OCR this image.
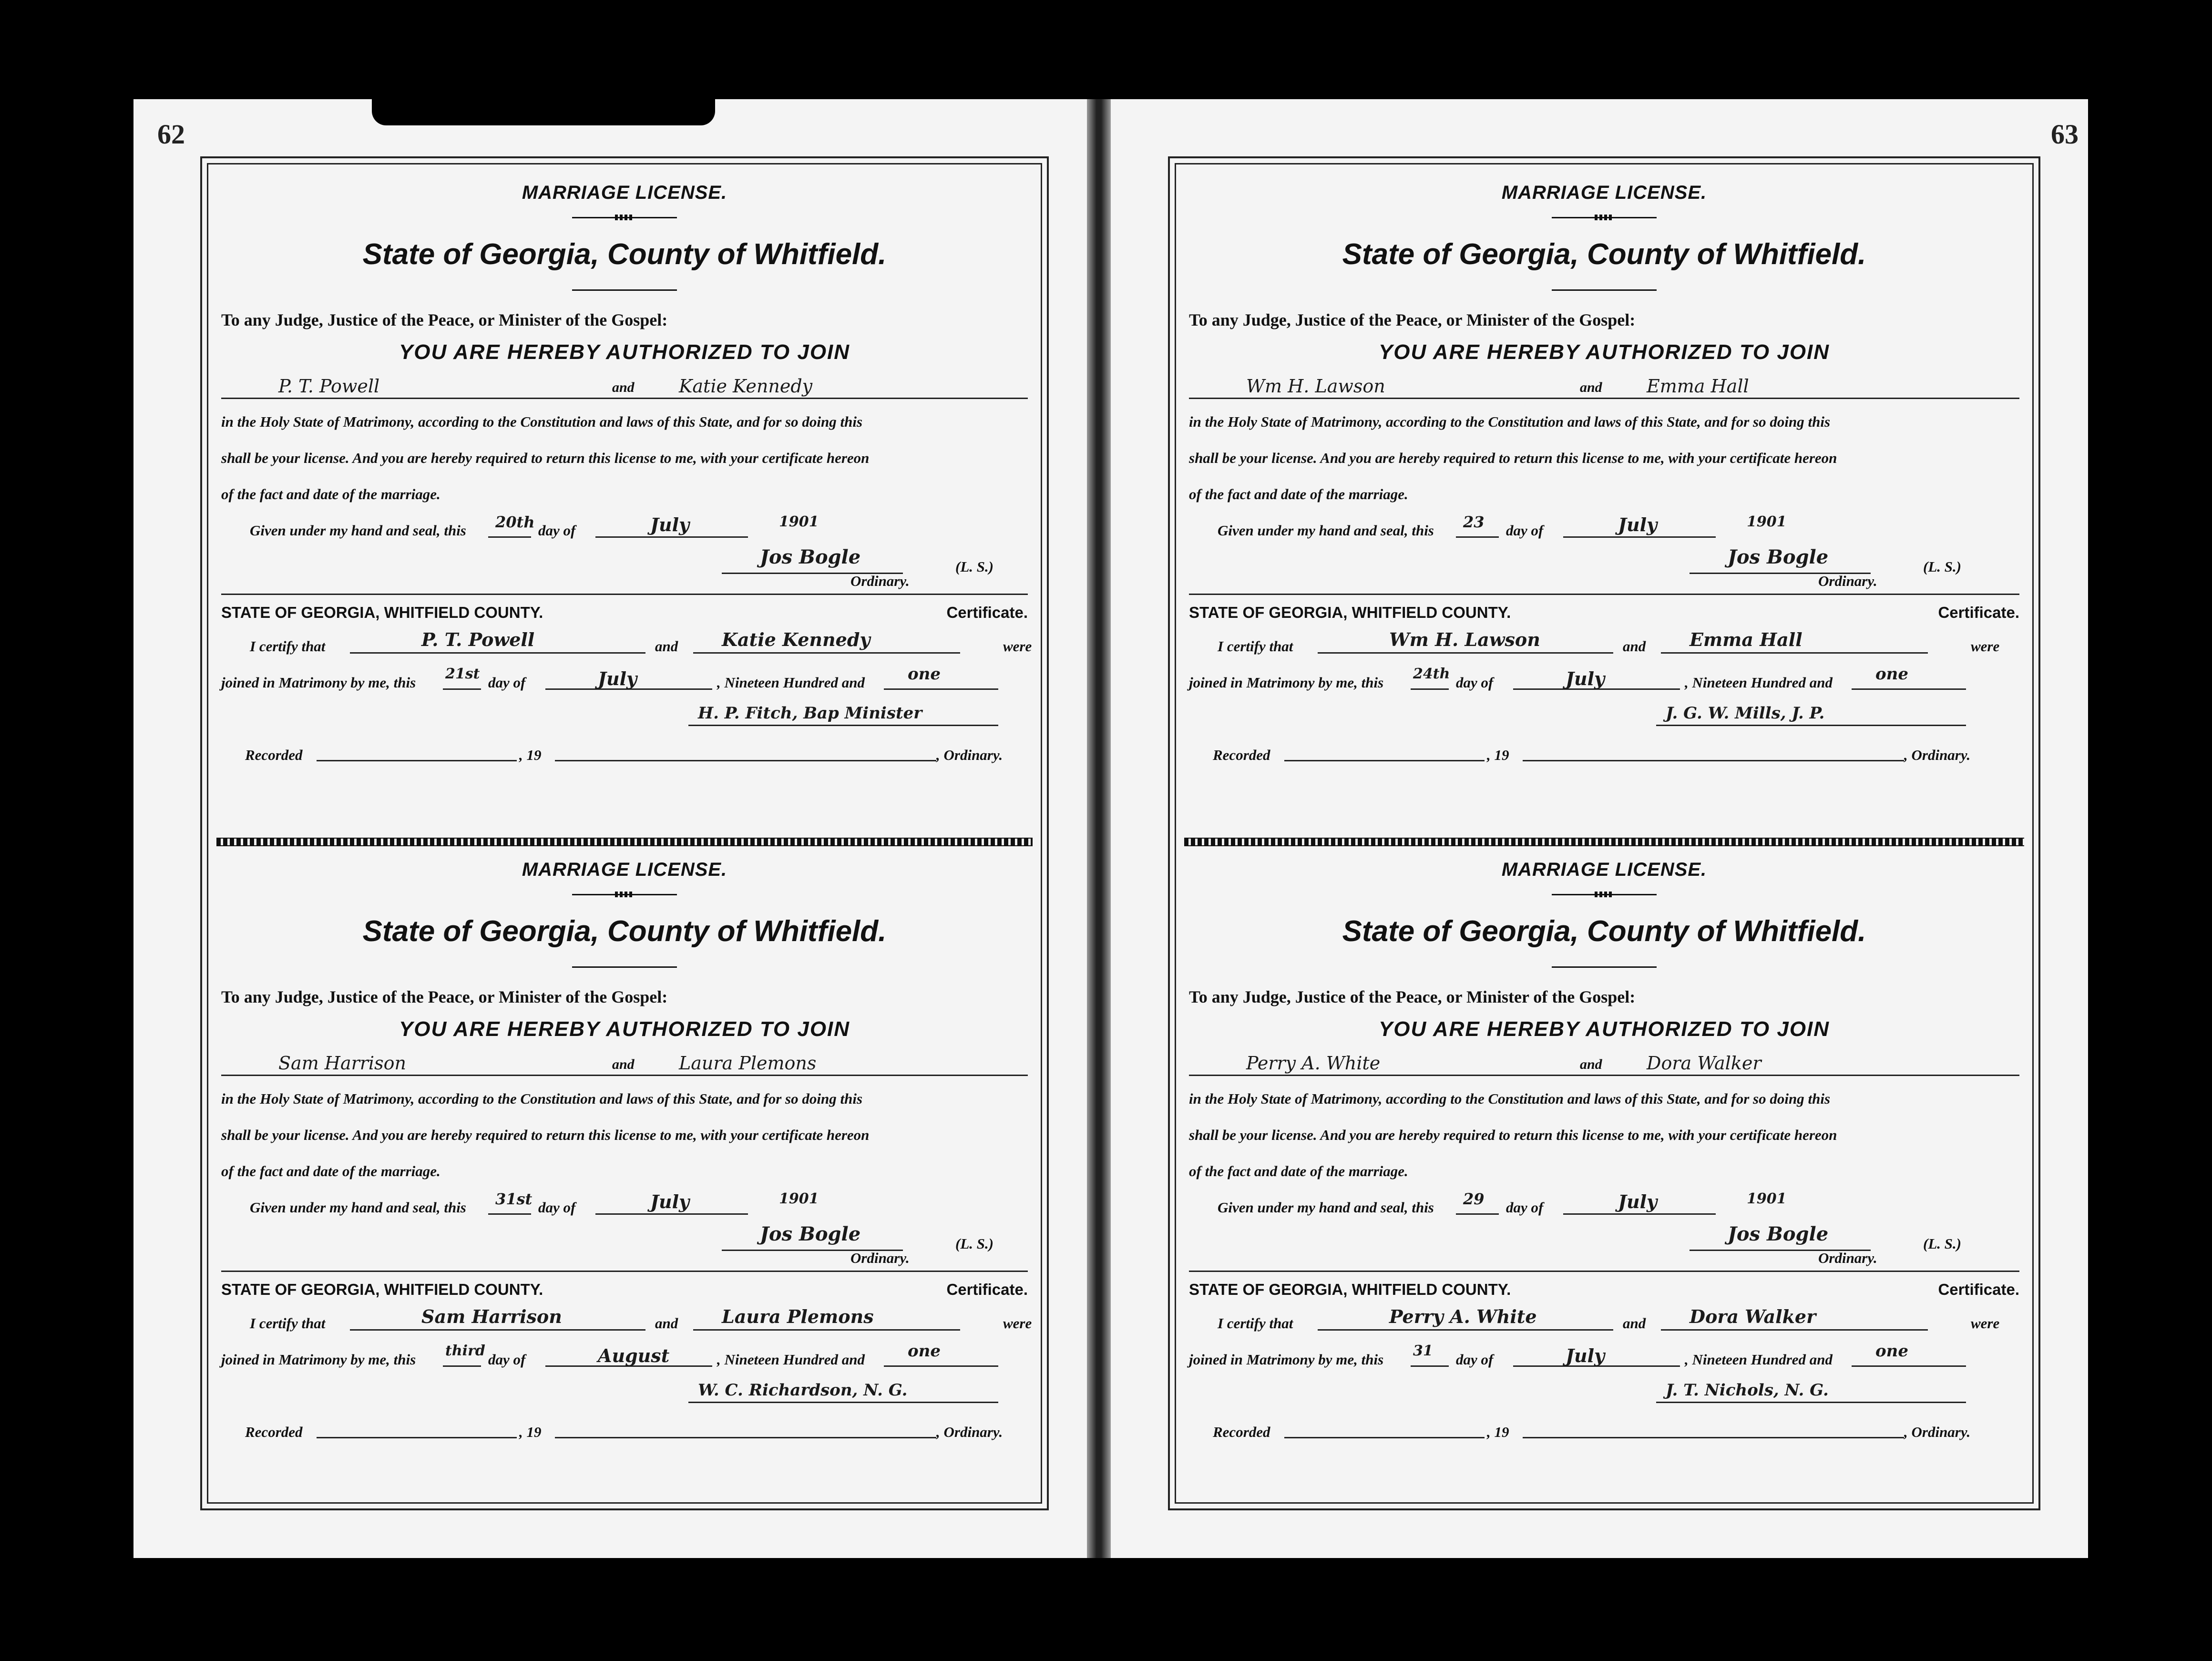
62
MARRIAGE LICENSE.
State of Georgia, County of Whitfield.
To any Judge, Justice of the Peace, or Minister of the Gospel:
YOU ARE HEREBY AUTHORIZED TO JOIN
P. T. Powell	and Katie Kennedy
in the Holy State of Matrimony, according to the Constitution and laws of this State, and for so doing this
shall be your license. And you are hereby required to return this license to me, with your certificate hereon
of the fact and date of the marriage.
Given under my hand and seal, this 20th day of	July	1901
Jos Bogle	(L. S.)
Ordinary.
STATE OF GEORGIA, WHITFIELD COUNTY.	Certificate.
I certify that	P. T. Powell	and Katie Kennedy	were
joined in Matrimony by me, this
21st
day of	July	, Nineteen Hundred and	one
H. P. Fitch, Bap Minister
Recorded	, 19	, Ordinary.
MARRIAGE LICENSE.
State of Georgia, County of Whitfield.
To any Judge, Justice of the Peace, or Minister of the Gospel:
YOU ARE HEREBY AUTHORIZED TO JOIN
Sam Harrison	and Laura Plemons
in the Holy State of Matrimony, according to the Constitution and laws of this State, and for so doing this
shall be your license. And you are hereby required to return this license to me, with your certificate hereon
of the fact and date of the marriage.
Given under my hand and seal, this 31st day of	July	1901
Jos Bogle	(L. S.)
Ordinary.
STATE OF GEORGIA, WHITFIELD COUNTY.	Certificate.
I certify that	Sam Harrison	and Laura Plemons	were
joined in Matrimony by me, this
third
day of	August	, Nineteen Hundred and	one
W. C. Richardson, N. G.
Recorded	, 19	, Ordinary.
63
MARRIAGE LICENSE.
State of Georgia, County of Whitfield.
To any Judge, Justice of the Peace, or Minister of the Gospel:
YOU ARE HEREBY AUTHORIZED TO JOIN
Wm H. Lawson	and Emma Hall
in the Holy State of Matrimony, according to the Constitution and laws of this State, and for so doing this
shall be your license. And you are hereby required to return this license to me, with your certificate hereon
of the fact and date of the marriage.
Given under my hand and seal, this 23 day of	July	1901
Jos Bogle	(L. S.)
Ordinary.
STATE OF GEORGIA, WHITFIELD COUNTY.	Certificate.
I certify that	Wm H. Lawson	and Emma Hall	were
joined in Matrimony by me, this
24th
day of	July	, Nineteen Hundred and	one
J. G. W. Mills, J. P.
Recorded	, 19	, Ordinary.
MARRIAGE LICENSE.
State of Georgia, County of Whitfield.
To any Judge, Justice of the Peace, or Minister of the Gospel:
YOU ARE HEREBY AUTHORIZED TO JOIN
Perry A. White	and Dora Walker
in the Holy State of Matrimony, according to the Constitution and laws of this State, and for so doing this
shall be your license. And you are hereby required to return this license to me, with your certificate hereon
of the fact and date of the marriage.
Given under my hand and seal, this 29 day of	July	1901
Jos Bogle	(L. S.)
Ordinary.
STATE OF GEORGIA, WHITFIELD COUNTY.	Certificate.
I certify that	Perry A. White	and Dora Walker	were
joined in Matrimony by me, this
31
day of	July	, Nineteen Hundred and	one
J. T. Nichols, N. G.
Recorded	, 19	, Ordinary.
